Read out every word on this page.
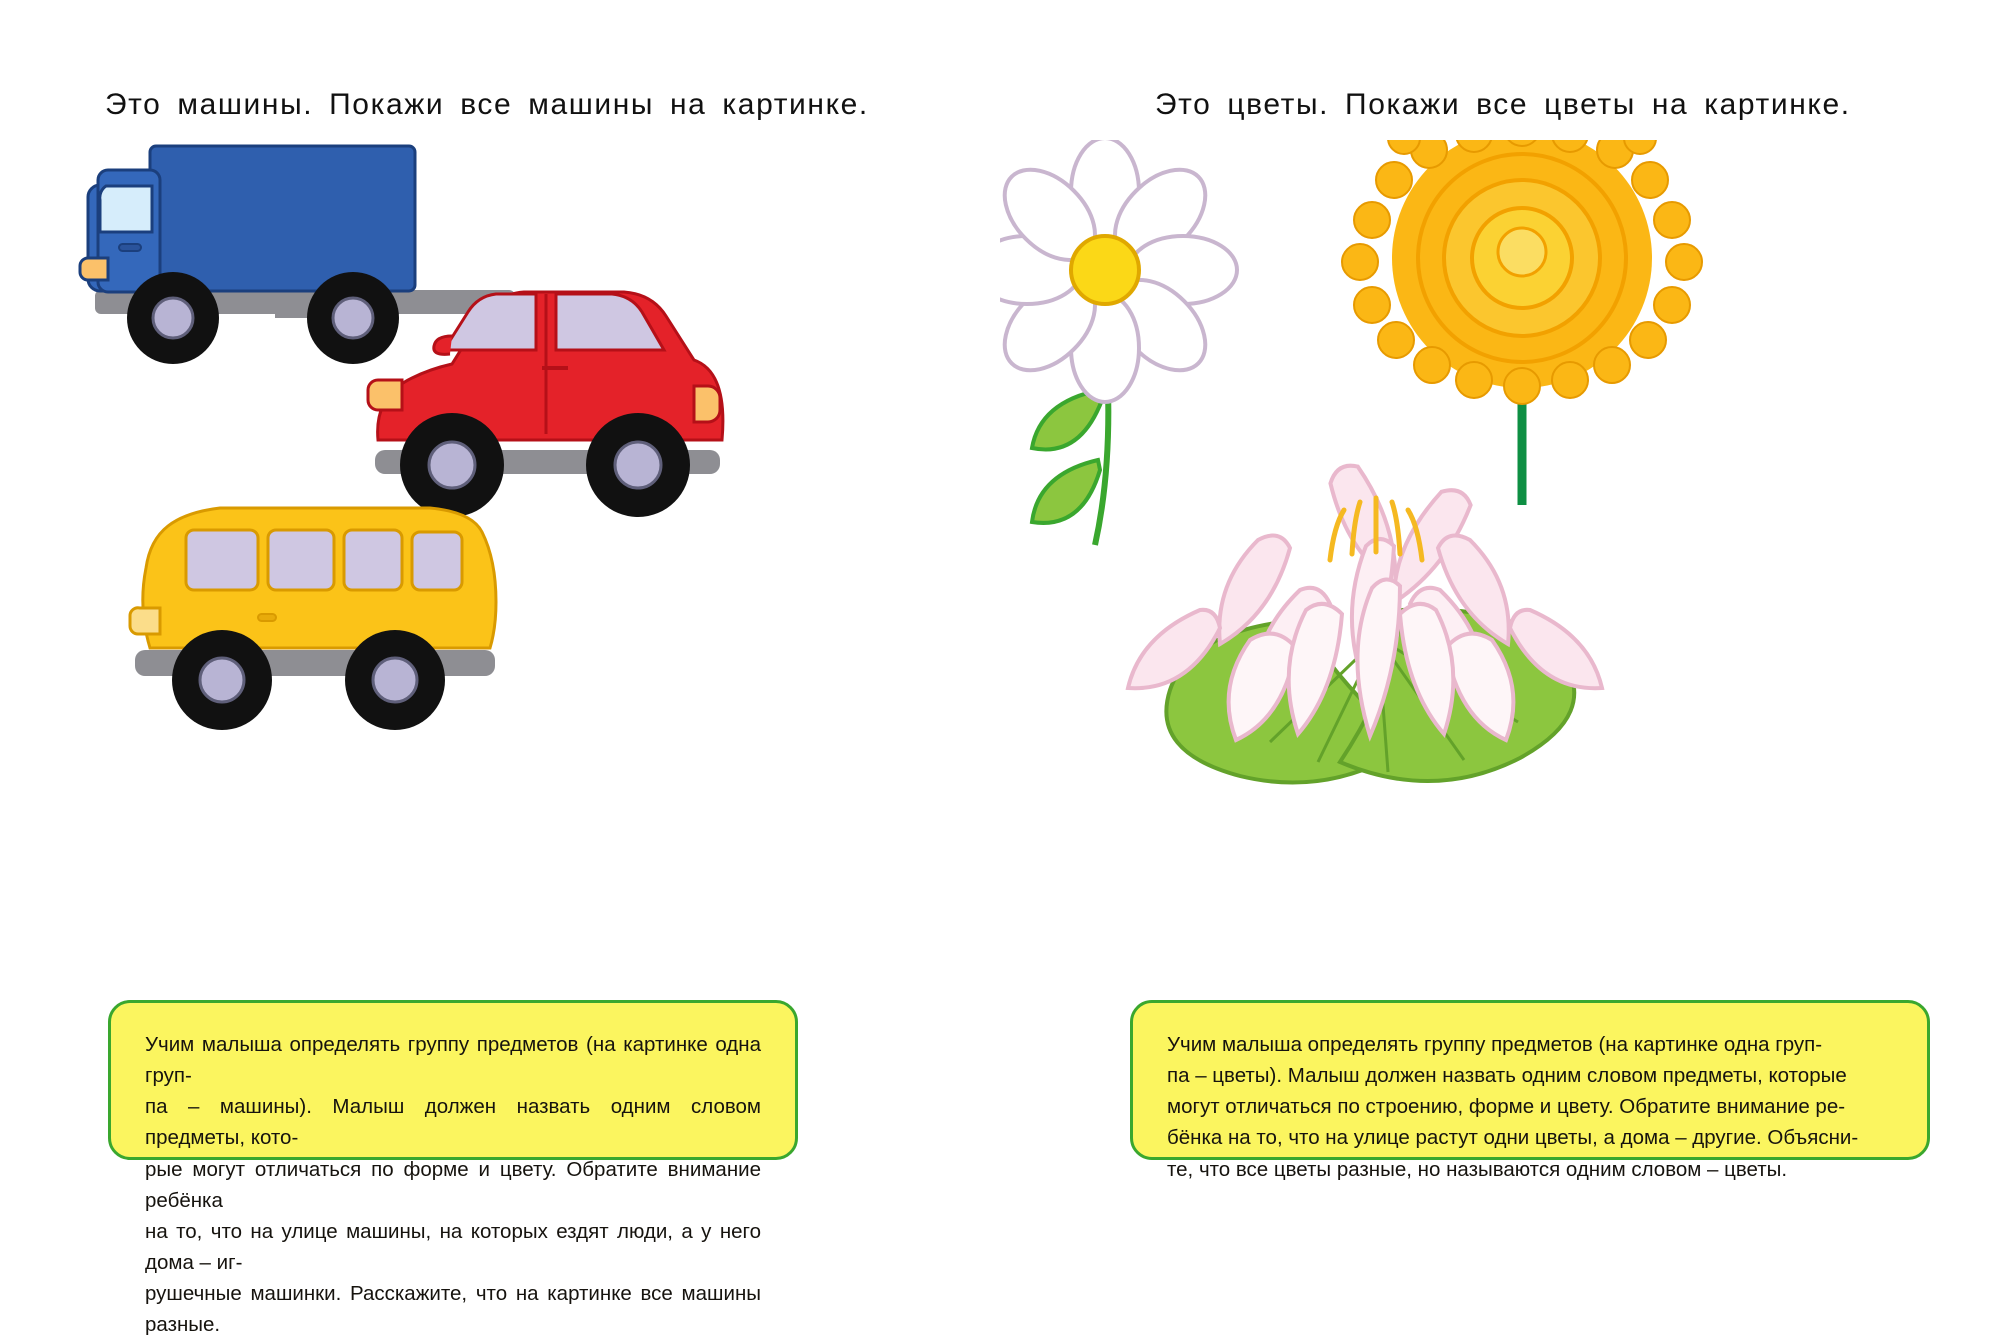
Это машины. Покажи все машины на картинке.
Учим малыша определять группу предметов (на картинке одна груп-
па – машины). Малыш должен назвать одним словом предметы, кото-
рые могут отличаться по форме и цвету. Обратите внимание ребёнка
на то, что на улице машины, на которых ездят люди, а у него дома – иг-
рушечные машинки. Расскажите, что на картинке все машины разные.
Это цветы. Покажи все цветы на картинке.
Учим малыша определять группу предметов (на картинке одна груп-
па – цветы). Малыш должен назвать одним словом предметы, которые
могут отличаться по строению, форме и цвету. Обратите внимание ре-
бёнка на то, что на улице растут одни цветы, а дома – другие. Объясни-
те, что все цветы разные, но называются одним словом – цветы.
